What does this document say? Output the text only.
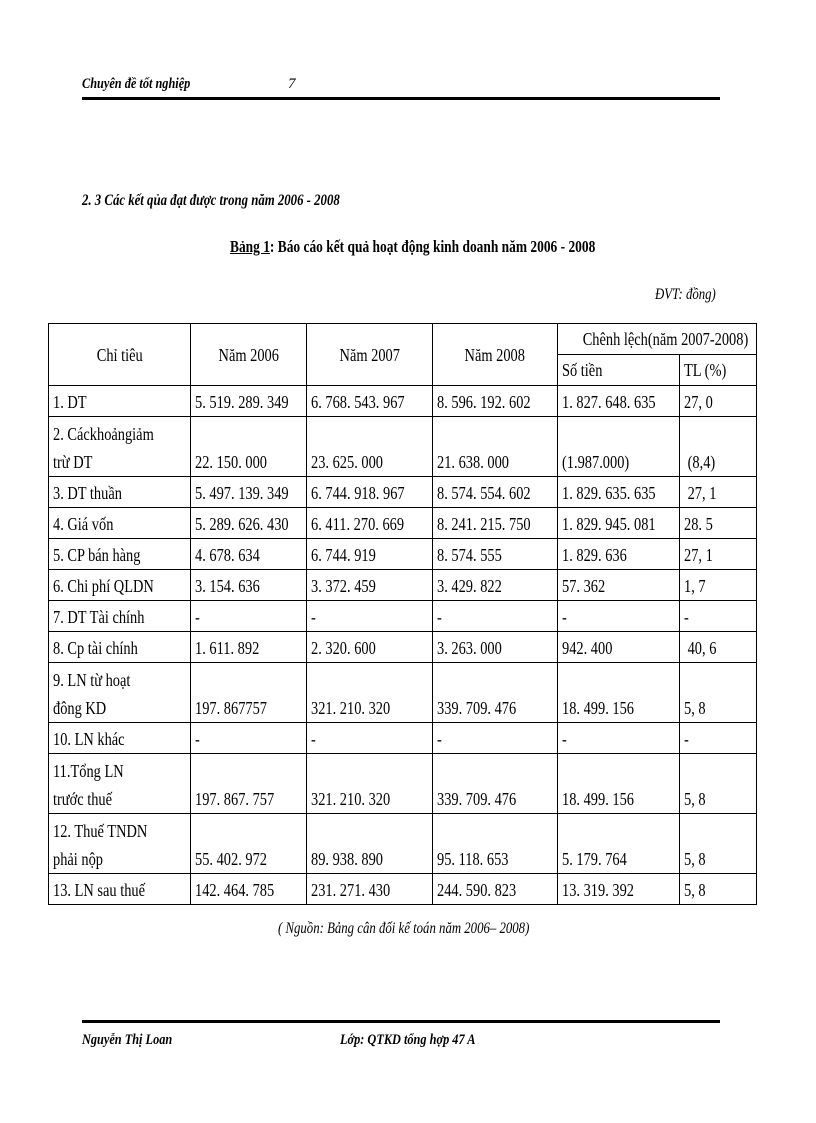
Chuyên đề tốt nghiệp	7
2. 3 Các kết qủa đạt được trong năm 2006 - 2008
Bảng 1: Báo cáo kết quả hoạt động kinh doanh năm 2006 - 2008
ĐVT: đồng)
Chỉ tiêu	Năm 2006	Năm 2007	Năm 2008	Chênh lệch(năm 2007-2008)	
				Số tiền	TL (%)

1. DT	5. 519. 289. 349	6. 768. 543. 967	8. 596. 192. 602	1. 827. 648. 635	27, 0

2. Cáckhoảngiảm
trừ DT	22. 150. 000	23. 625. 000	21. 638. 000	(1.987.000)	(8,4)

3. DT thuần	5. 497. 139. 349	6. 744. 918. 967	8. 574. 554. 602	1. 829. 635. 635	27, 1

4. Giá vốn	5. 289. 626. 430	6. 411. 270. 669	8. 241. 215. 750	1. 829. 945. 081	28. 5

5. CP bán hàng	4. 678. 634	6. 744. 919	8. 574. 555	1. 829. 636	27, 1

6. Chi phí QLDN	3. 154. 636	3. 372. 459	3. 429. 822	57. 362	1, 7

7. DT Tài chính	-	-	-	-	-

8. Cp tài chính	1. 611. 892	2. 320. 600	3. 263. 000	942. 400	40, 6

9. LN từ hoạt
đông KD	197. 867757	321. 210. 320	339. 709. 476	18. 499. 156	5, 8

10. LN khác	-	-	-	-	-

11.Tổng LN
trước thuế	197. 867. 757	321. 210. 320	339. 709. 476	18. 499. 156	5, 8

12. Thuế TNDN
phải nộp	55. 402. 972	89. 938. 890	95. 118. 653	5. 179. 764	5, 8

13. LN sau thuế	142. 464. 785	231. 271. 430	244. 590. 823	13. 319. 392	5, 8
( Nguồn: Bảng cân đối kế toán năm 2006– 2008)
Nguyễn Thị Loan	Lớp: QTKD tổng hợp 47 A
